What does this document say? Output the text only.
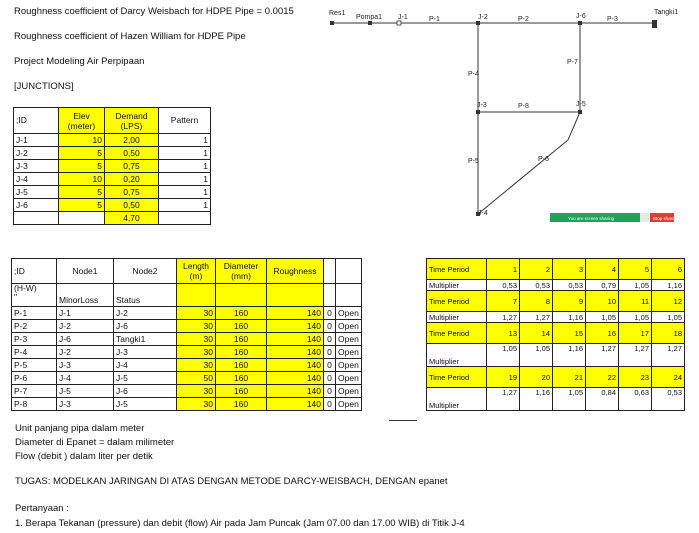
Roughness coefficient of Darcy Weisbach for HDPE Pipe = 0.0015
Roughness coefficient of Hazen William for HDPE Pipe
Project Modeling Air Perpipaan
[JUNCTIONS]
;ID	Elev (meter)	Demand (LPS)	Pattern
J-1	10	2,00	1
J-2	5	0,50	1
J-3	5	0,75	1
J-4	10	0,20	1
J-5	5	0,75	1
J-6	5	0,50	1
		4,70	
;ID	Node1	Node2	Length (m)	Diameter (mm)	Roughness		
(H-W)
"	MinorLoss	Status					
P-1	J-1	J-2	30	160	140	0	Open
P-2	J-2	J-6	30	160	140	0	Open
P-3	J-6	Tangki1	30	160	140	0	Open
P-4	J-2	J-3	30	160	140	0	Open
P-5	J-3	J-4	30	160	140	0	Open
P-6	J-4	J-5	50	160	140	0	Open
P-7	J-5	J-6	30	160	140	0	Open
P-8	J-3	J-5	30	160	140	0	Open
Unit panjang pipa dalam meter
Diameter di Epanet = dalam milimeter
Flow (debit ) dalam liter per detik
TUGAS: MODELKAN JARINGAN DI ATAS DENGAN METODE DARCY-WEISBACH, DENGAN epanet
Pertanyaan :
1. Berapa Tekanan (pressure) dan debit (flow) Air pada Jam Puncak (Jam 07.00 dan 17.00 WIB) di Titik J-4
Time Period	1	2	3	4	5	6
Multiplier	0,53	0,53	0,53	0,79	1,05	1,16
Time Period	7	8	9	10	11	12
Multiplier	1,27	1,27	1,16	1,05	1,05	1,05
Time Period	13	14	15	16	17	18
Multiplier	1,05	1,05	1,16	1,27	1,27	1,27
Time Period	19	20	21	22	23	24
Multiplier	1,27	1,16	1,05	0,84	0,63	0,53
Res1
Pompa1 J-1	J-2	J-6
Tangki1
P-1	P-2	P-3
P-4
P-7
J-3	P-8	J-5
P-5	P-6
J-4
You are screen sharing	Stop share
